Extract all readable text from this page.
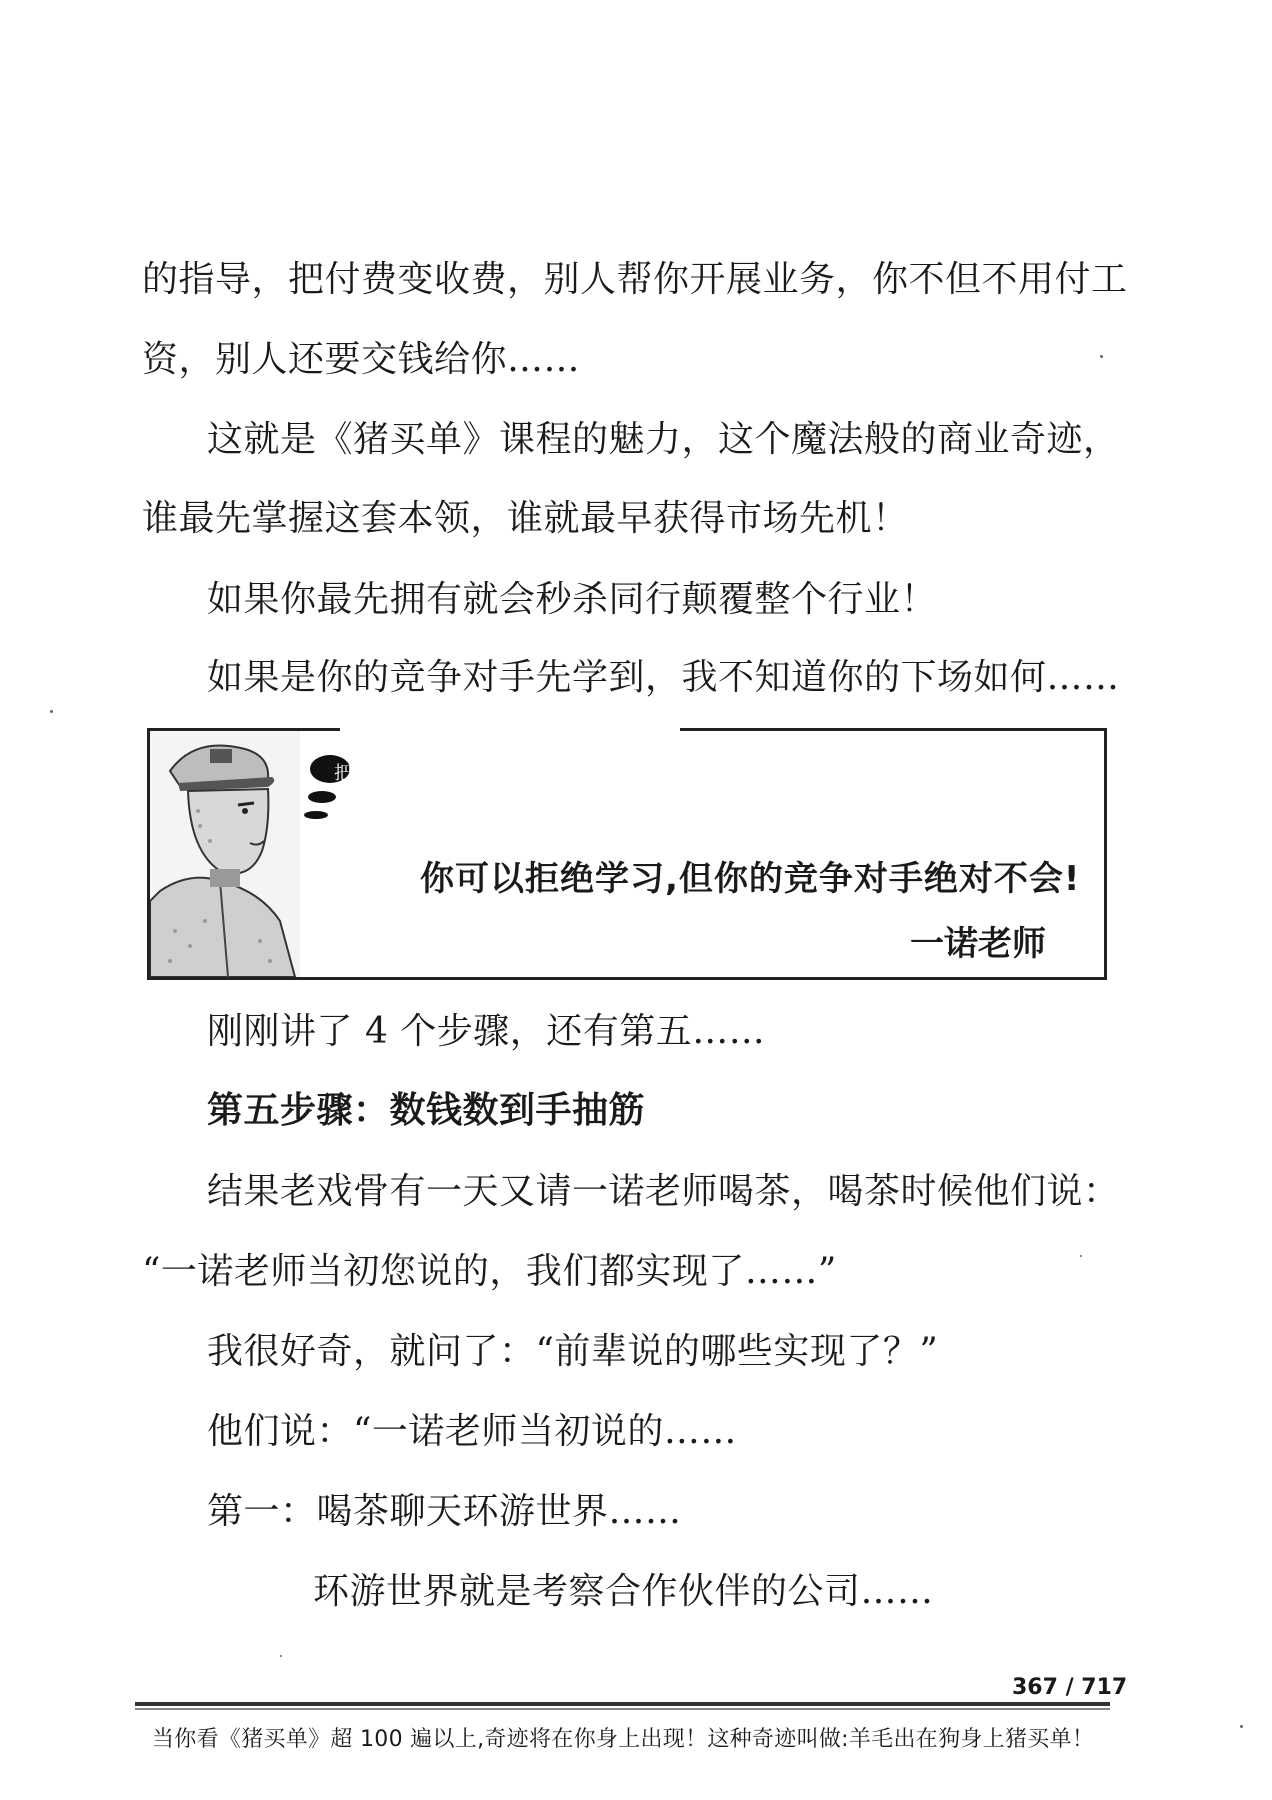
的指导，把付费变收费，别人帮你开展业务，你不但不用付工
资，别人还要交钱给你……
这就是《猪买单》课程的魅力，这个魔法般的商业奇迹，
谁最先掌握这套本领，谁就最早获得市场先机！
如果你最先拥有就会秒杀同行颠覆整个行业！
如果是你的竞争对手先学到，我不知道你的下场如何……
把
你可以拒绝学习,但你的竞争对手绝对不会!
一诺老师
刚刚讲了 4 个步骤，还有第五……
第五步骤：数钱数到手抽筋
结果老戏骨有一天又请一诺老师喝茶，喝茶时候他们说：
“一诺老师当初您说的，我们都实现了……”
我很好奇，就问了：“前辈说的哪些实现了？”
他们说：“一诺老师当初说的……
第一：喝茶聊天环游世界……
环游世界就是考察合作伙伴的公司……
367 / 717
当你看《猪买单》超 100 遍以上,奇迹将在你身上出现！这种奇迹叫做:羊毛出在狗身上猪买单！
